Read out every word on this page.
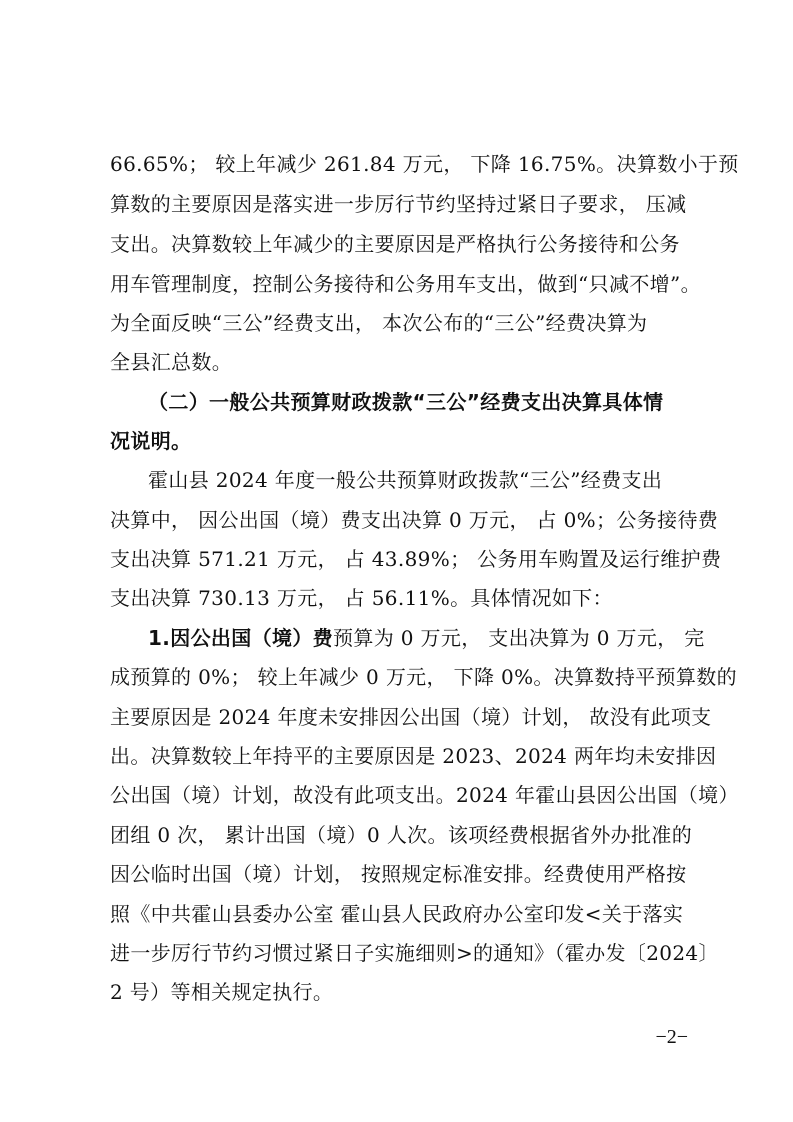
66.65%； 较上年减少 261.84 万元， 下降 16.75%。决算数小于预
算数的主要原因是落实进一步厉行节约坚持过紧日子要求， 压减
支出。决算数较上年减少的主要原因是严格执行公务接待和公务
用车管理制度，控制公务接待和公务用车支出，做到“只减不增”。
为全面反映“三公”经费支出， 本次公布的“三公”经费决算为
全县汇总数。
（二）一般公共预算财政拨款“三公”经费支出决算具体情
况说明。
霍山县 2024 年度一般公共预算财政拨款“三公”经费支出
决算中， 因公出国（境）费支出决算 0 万元， 占 0%；公务接待费
支出决算 571.21 万元， 占 43.89%； 公务用车购置及运行维护费
支出决算 730.13 万元， 占 56.11%。具体情况如下：
1.因公出国（境）费预算为 0 万元， 支出决算为 0 万元， 完
成预算的 0%； 较上年减少 0 万元， 下降 0%。决算数持平预算数的
主要原因是 2024 年度未安排因公出国（境）计划， 故没有此项支
出。决算数较上年持平的主要原因是 2023、2024 两年均未安排因
公出国（境）计划，故没有此项支出。2024 年霍山县因公出国（境）
团组 0 次， 累计出国（境）0 人次。该项经费根据省外办批准的
因公临时出国（境）计划， 按照规定标准安排。经费使用严格按
照《中共霍山县委办公室 霍山县人民政府办公室印发<关于落实
进一步厉行节约习惯过紧日子实施细则>的通知》（霍办发〔2024〕
2 号）等相关规定执行。
−2−
